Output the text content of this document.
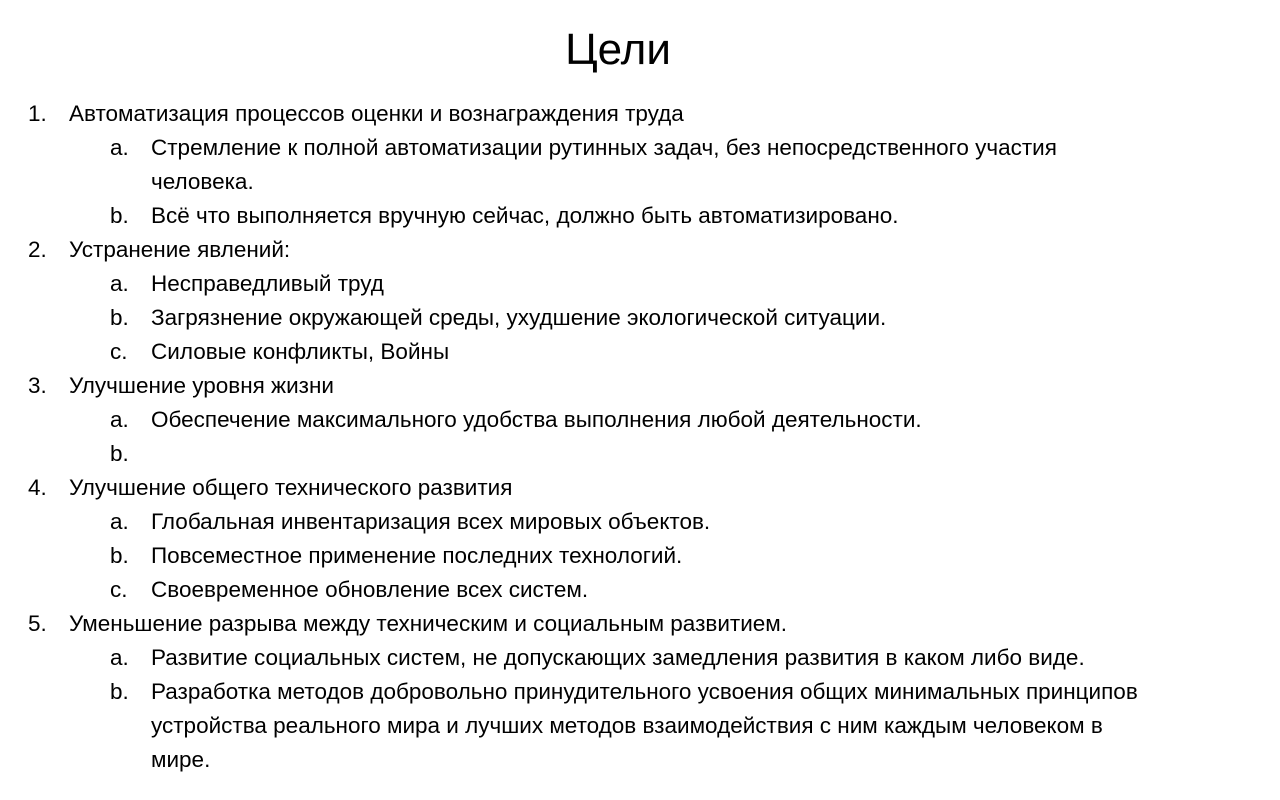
Цели
1. Автоматизация процессов оценки и вознаграждения труда
a. Стремление к полной автоматизации рутинных задач, без непосредственного участия
человека.
b. Всё что выполняется вручную сейчас, должно быть автоматизировано.
2. Устранение явлений:
a. Несправедливый труд
b. Загрязнение окружающей среды, ухудшение экологической ситуации.
c. Силовые конфликты, Войны
3. Улучшение уровня жизни
a. Обеспечение максимального удобства выполнения любой деятельности.
b.
4. Улучшение общего технического развития
a. Глобальная инвентаризация всех мировых объектов.
b. Повсеместное применение последних технологий.
c. Своевременное обновление всех систем.
5. Уменьшение разрыва между техническим и социальным развитием.
a. Развитие социальных систем, не допускающих замедления развития в каком либо виде.
b. Разработка методов добровольно принудительного усвоения общих минимальных принципов
устройства реального мира и лучших методов взаимодействия с ним каждым человеком в
мире.
